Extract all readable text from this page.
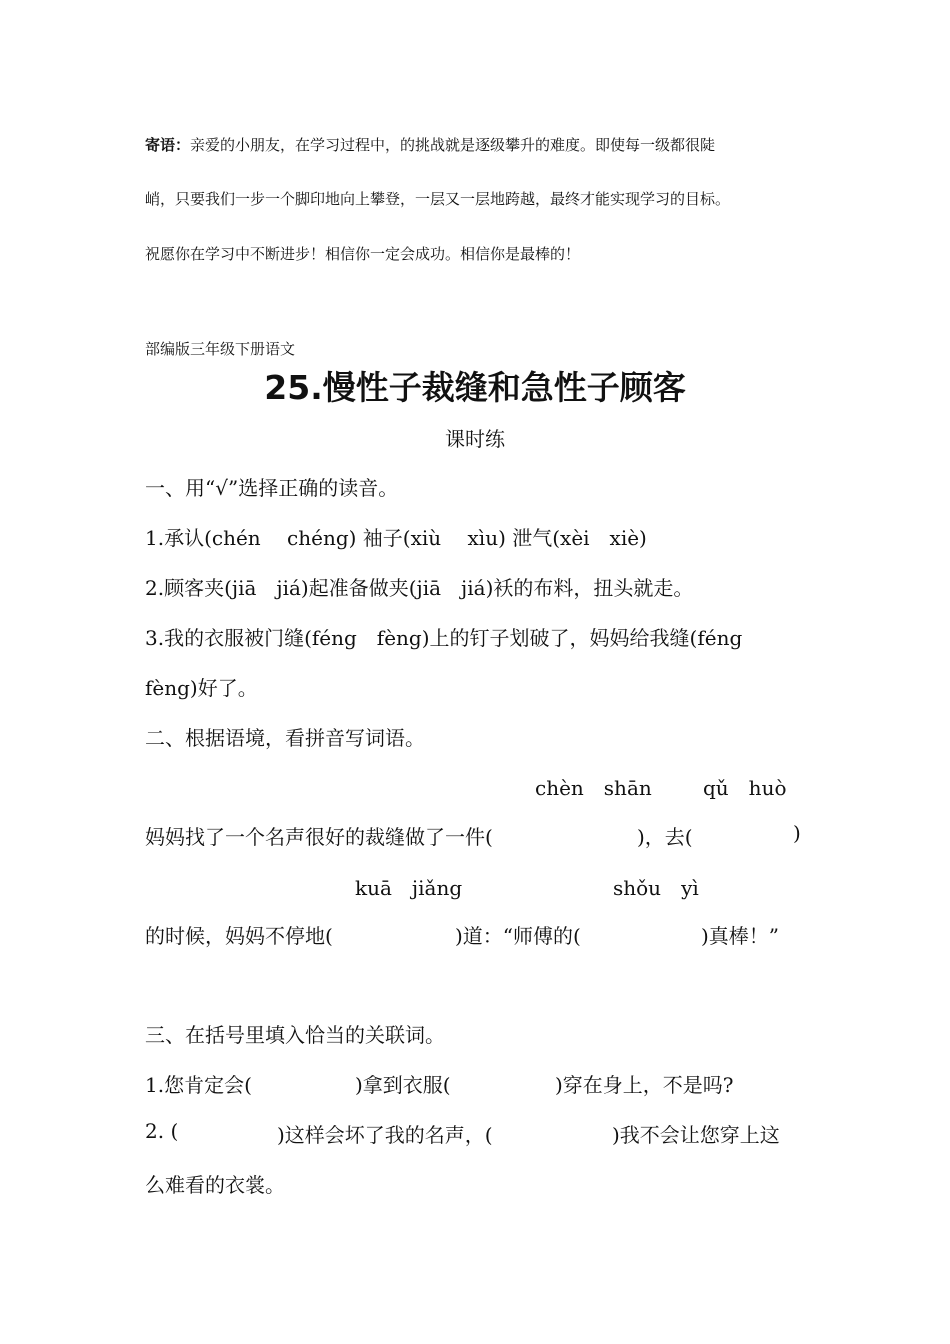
寄语：亲爱的小朋友，在学习过程中，的挑战就是逐级攀升的难度。即使每一级都很陡
峭，只要我们一步一个脚印地向上攀登，一层又一层地跨越，最终才能实现学习的目标。
祝愿你在学习中不断进步！相信你一定会成功。相信你是最棒的！
部编版三年级下册语文
25.慢性子裁缝和急性子顾客
课时练
一、用“√”选择正确的读音。
1.承认(chén　 chéng) 袖子(xiù　 xìu) 泄气(xèi　xiè)
2.顾客夹(jiā　jiá)起准备做夹(jiā　jiá)袄的布料，扭头就走。
3.我的衣服被门缝(féng　fèng)上的钉子划破了，妈妈给我缝(féng
fèng)好了。
二、根据语境，看拼音写词语。
chèn　shān	qǔ　huò
妈妈找了一个名声很好的裁缝做了一件(	)，去(	)
kuā　jiǎng	shǒu　yì
的时候，妈妈不停地(	)道：“师傅的(	)真棒！”
三、在括号里填入恰当的关联词。
1.您肯定会(	)拿到衣服(	)穿在身上，不是吗?
2. (	)这样会坏了我的名声，(	)我不会让您穿上这
么难看的衣裳。
